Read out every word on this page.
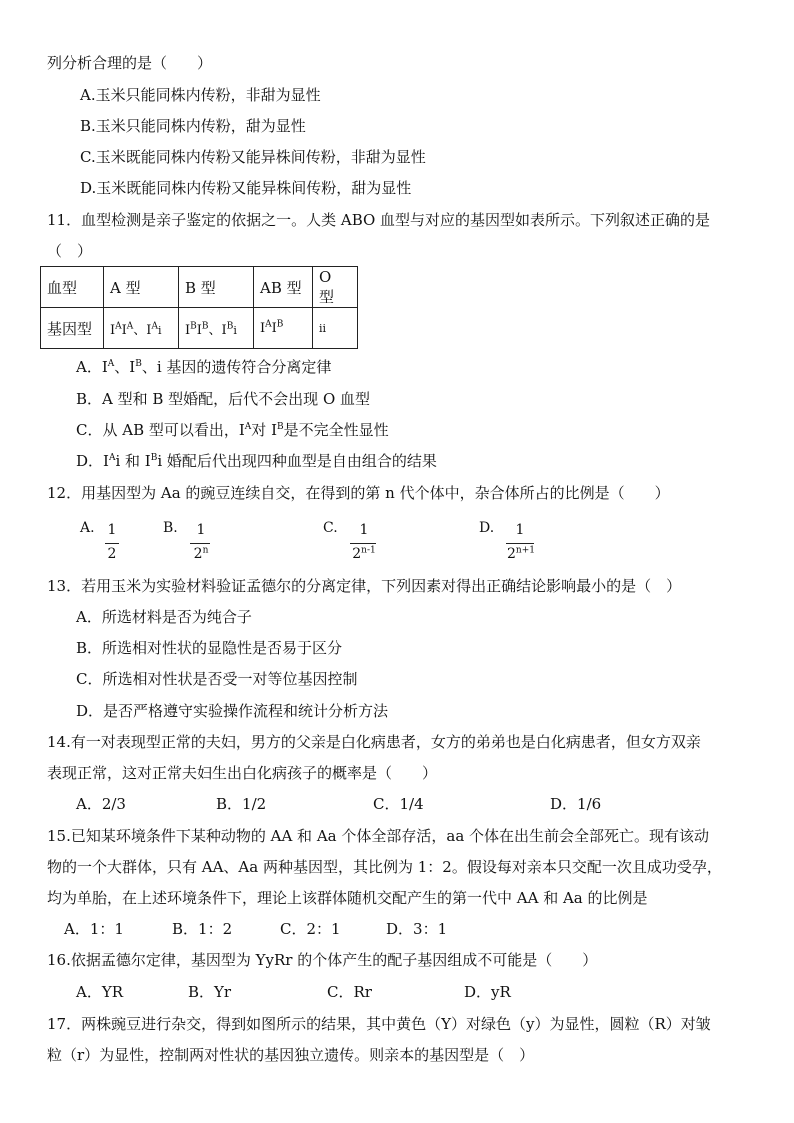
列分析合理的是（　　）
A.玉米只能同株内传粉，非甜为显性
B.玉米只能同株内传粉，甜为显性
C.玉米既能同株内传粉又能异株间传粉，非甜为显性
D.玉米既能同株内传粉又能异株间传粉，甜为显性
11．血型检测是亲子鉴定的依据之一。人类 ABO 血型与对应的基因型如表所示。下列叙述正确的是
（　）
血型	A 型	B 型	AB 型	O 型
基因型	$I^AI^A$、$I^Ai$	$I^BI^B$、$I^Bi$	$I^AI^B$	ii
A．$I^A$、$I^B$、i 基因的遗传符合分离定律
B．A 型和 B 型婚配，后代不会出现 O 血型
C．从 AB 型可以看出，$I^A$对 $I^B$是不完全性显性
D．$I^Ai$ 和 $I^Bi$ 婚配后代出现四种血型是自由组合的结果
12．用基因型为 Aa 的豌豆连续自交，在得到的第 n 代个体中，杂合体所占的比例是（　　）
A. 1
2
B.	1
2$^n$
C.	1
2$^{n-1}$
D.	1
$2^{n+1}$
13．若用玉米为实验材料验证孟德尔的分离定律，下列因素对得出正确结论影响最小的是（　）
A．所选材料是否为纯合子
B．所选相对性状的显隐性是否易于区分
C．所选相对性状是否受一对等位基因控制
D．是否严格遵守实验操作流程和统计分析方法
14.有一对表现型正常的夫妇，男方的父亲是白化病患者，女方的弟弟也是白化病患者，但女方双亲
表现正常，这对正常夫妇生出白化病孩子的概率是（　　）
A．2/3	B．1/2	C．1/4	D．1/6
15.已知某环境条件下某种动物的 AA 和 Aa 个体全部存活，aa 个体在出生前会全部死亡。现有该动
物的一个大群体，只有 AA、Aa 两种基因型，其比例为 1：2。假设每对亲本只交配一次且成功受孕，
均为单胎，在上述环境条件下，理论上该群体随机交配产生的第一代中 AA 和 Aa 的比例是
A．1：1	B．1：2	C．2：1	D．3：1
16.依据孟德尔定律，基因型为 YyRr 的个体产生的配子基因组成不可能是（　　）
A．YR	B．Yr	C．Rr	D．yR
17．两株豌豆进行杂交，得到如图所示的结果，其中黄色（Y）对绿色（y）为显性，圆粒（R）对皱
粒（r）为显性，控制两对性状的基因独立遗传。则亲本的基因型是（　）
